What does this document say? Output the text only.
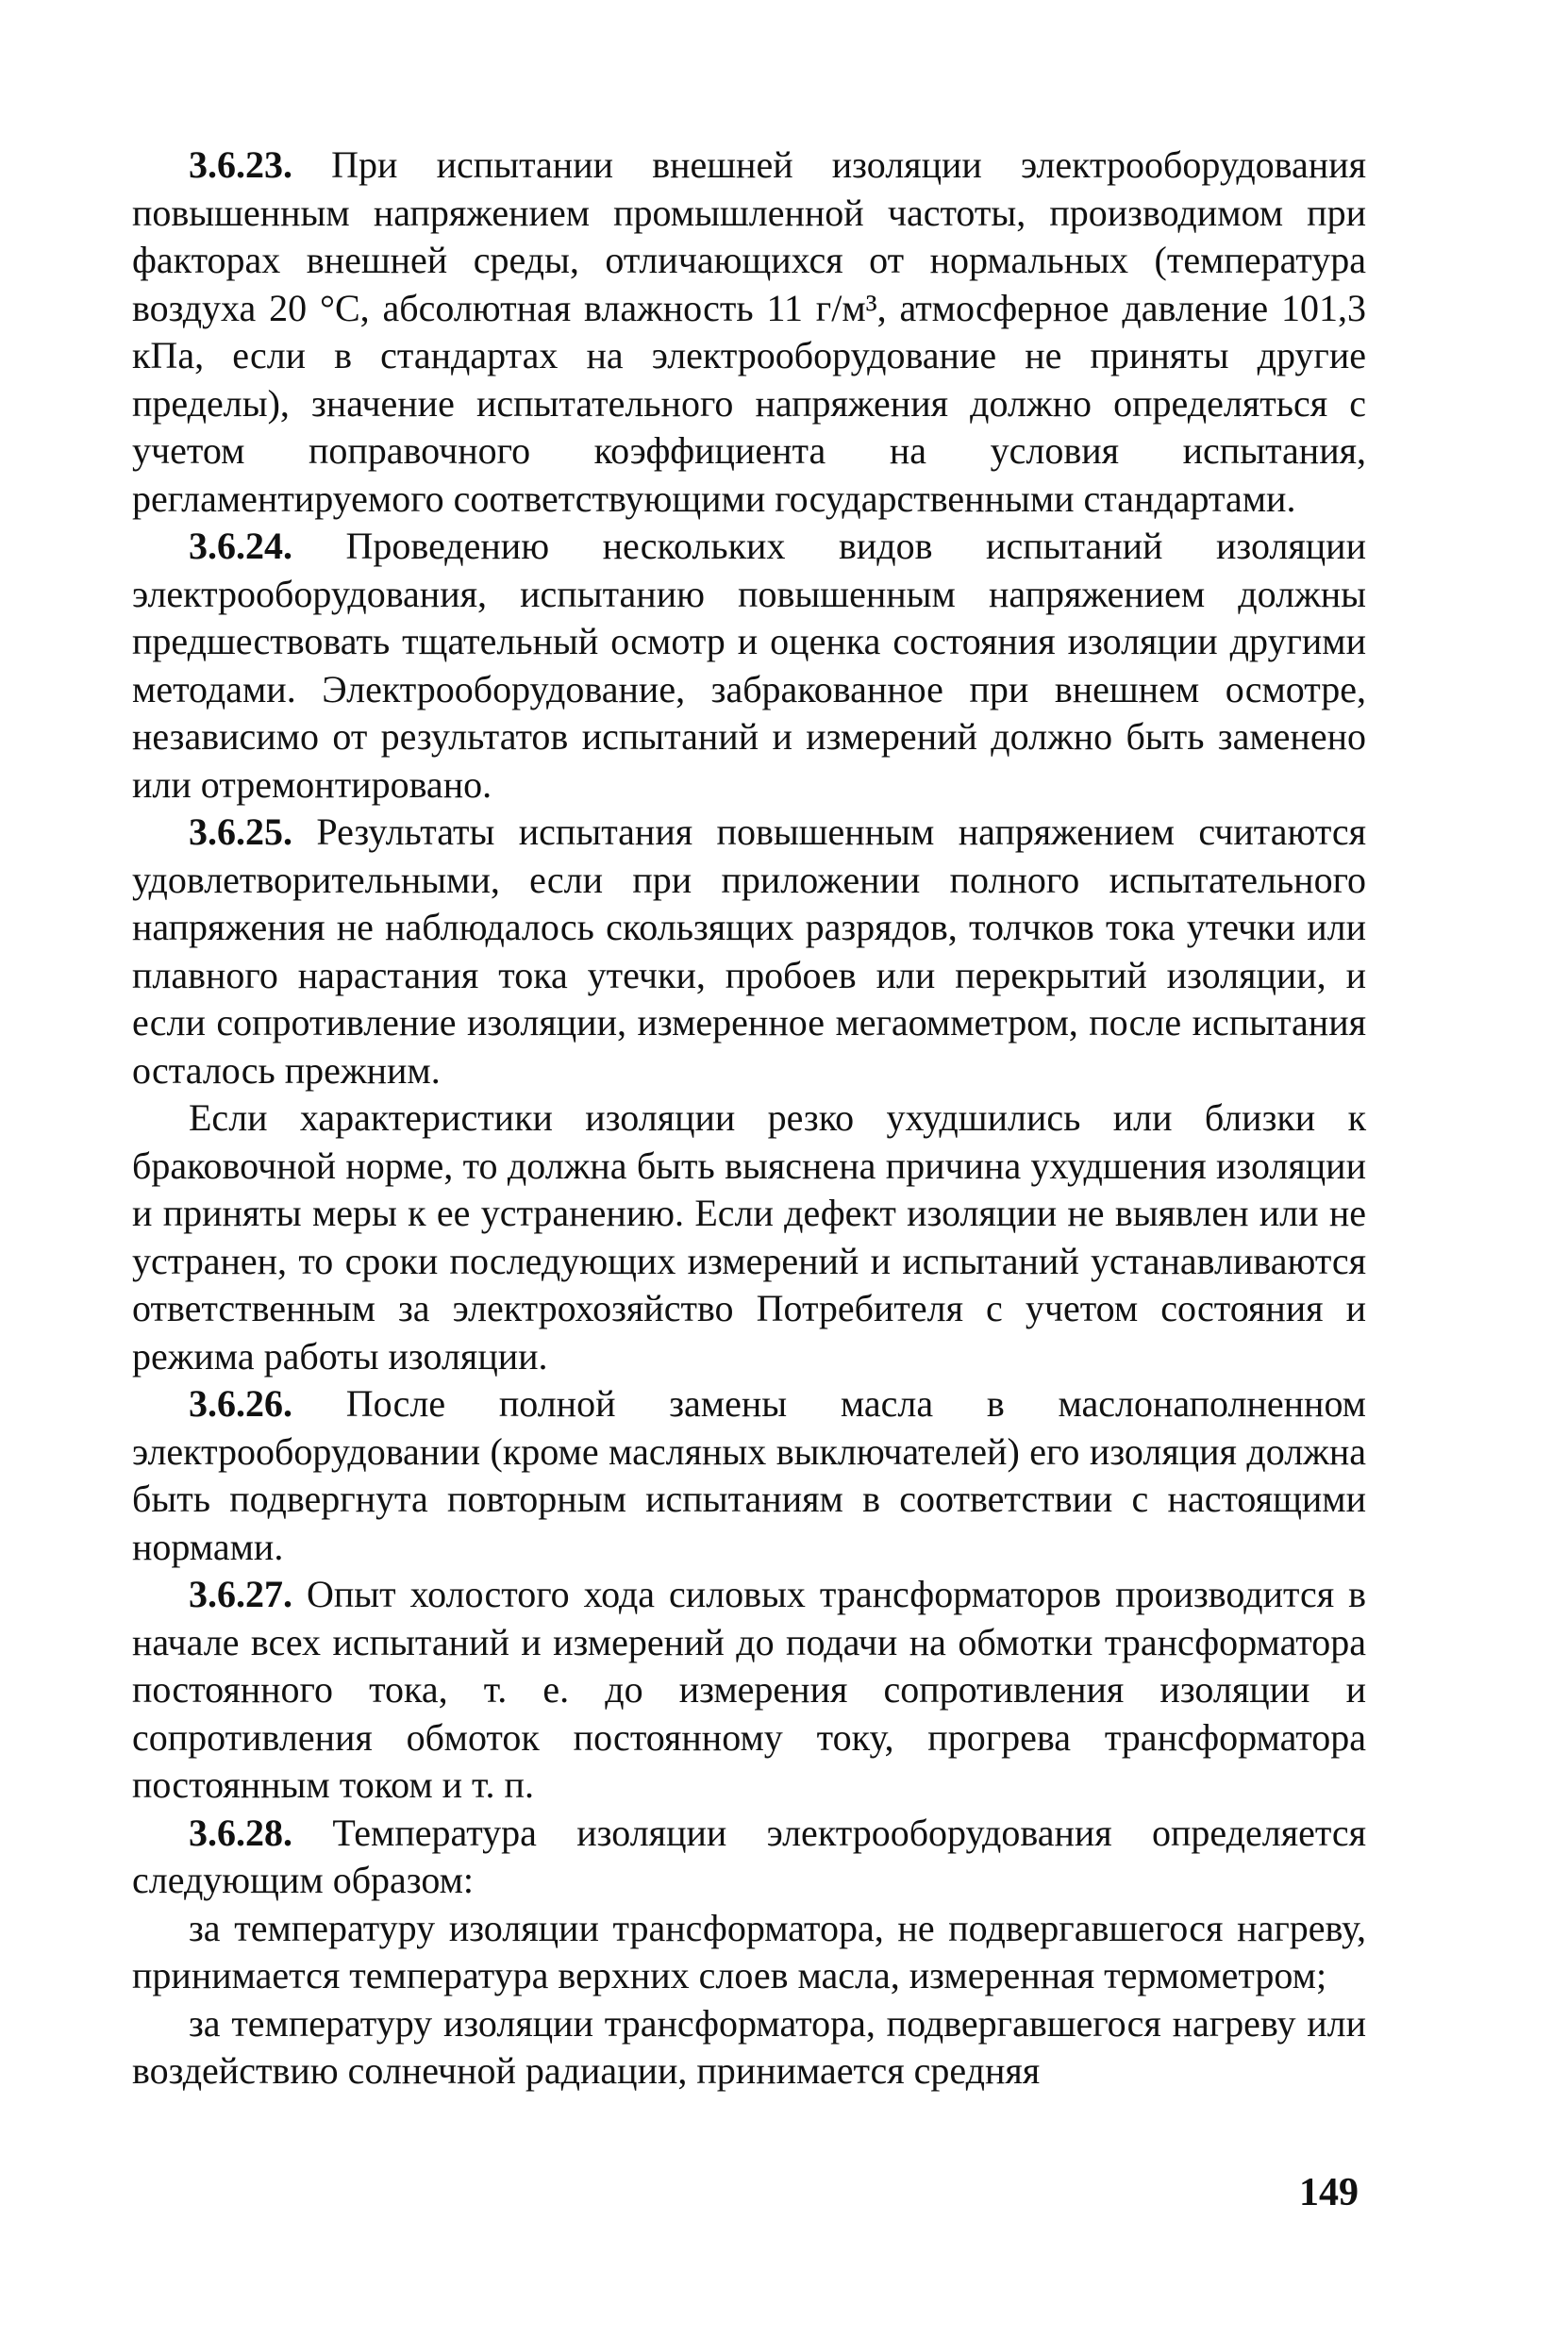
3.6.23. При испытании внешней изоляции электрооборудования повышенным напряжением промышленной частоты, производимом при факторах внешней среды, отличающихся от нормальных (температура воздуха 20 °С, абсолютная влажность 11 г/м³, атмосферное давление 101,3 кПа, если в стандартах на электрооборудование не приняты другие пределы), значение испытательного напряжения должно определяться с учетом поправочного коэффициента на условия испытания, регламентируемого соответствующими государственными стандартами.

3.6.24. Проведению нескольких видов испытаний изоляции электрооборудования, испытанию повышенным напряжением должны предшествовать тщательный осмотр и оценка состояния изоляции другими методами. Электрооборудование, забракованное при внешнем осмотре, независимо от результатов испытаний и измерений должно быть заменено или отремонтировано.

3.6.25. Результаты испытания повышенным напряжением считаются удовлетворительными, если при приложении полного испытательного напряжения не наблюдалось скользящих разрядов, толчков тока утечки или плавного нарастания тока утечки, пробоев или перекрытий изоляции, и если сопротивление изоляции, измеренное мегаомметром, после испытания осталось прежним.

Если характеристики изоляции резко ухудшились или близки к браковочной норме, то должна быть выяснена причина ухудшения изоляции и приняты меры к ее устранению. Если дефект изоляции не выявлен или не устранен, то сроки последующих измерений и испытаний устанавливаются ответственным за электрохозяйство Потребителя с учетом состояния и режима работы изоляции.

3.6.26. После полной замены масла в маслонаполненном электрооборудовании (кроме масляных выключателей) его изоляция должна быть подвергнута повторным испытаниям в соответствии с настоящими нормами.

3.6.27. Опыт холостого хода силовых трансформаторов производится в начале всех испытаний и измерений до подачи на обмотки трансформатора постоянного тока, т. е. до измерения сопротивления изоляции и сопротивления обмоток постоянному току, прогрева трансформатора постоянным током и т. п.

3.6.28. Температура изоляции электрооборудования определяется следующим образом:

за температуру изоляции трансформатора, не подвергавшегося нагреву, принимается температура верхних слоев масла, измеренная термометром;

за температуру изоляции трансформатора, подвергавшегося нагреву или воздействию солнечной радиации, принимается средняя

149
